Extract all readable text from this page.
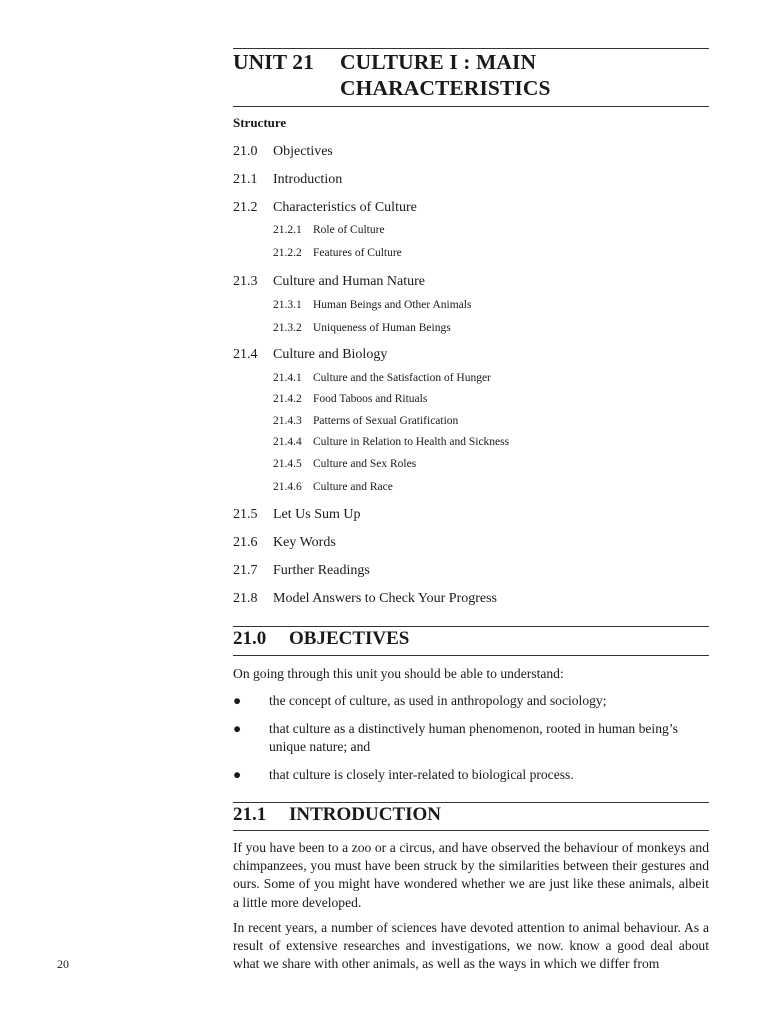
UNIT 21 CULTURE I : MAIN
CHARACTERISTICS
Structure
21.0 Objectives
21.1 Introduction
21.2 Characteristics of Culture
21.2.1 Role of Culture
21.2.2 Features of Culture
21.3 Culture and Human Nature
21.3.1 Human Beings and Other Animals
21.3.2 Uniqueness of Human Beings
21.4 Culture and Biology
21.4.1 Culture and the Satisfaction of Hunger
21.4.2 Food Taboos and Rituals
21.4.3 Patterns of Sexual Gratification
21.4.4 Culture in Relation to Health and Sickness
21.4.5 Culture and Sex Roles
21.4.6 Culture and Race
21.5 Let Us Sum Up
21.6 Key Words
21.7 Further Readings
21.8 Model Answers to Check Your Progress
21.0 OBJECTIVES
On going through this unit you should be able to understand:
● the concept of culture, as used in anthropology and sociology;
● that culture as a distinctively human phenomenon, rooted in human being’s unique nature; and
● that culture is closely inter-related to biological process.
21.1 INTRODUCTION
If you have been to a zoo or a circus, and have observed the behaviour of monkeys and chimpanzees, you must have been struck by the similarities between their gestures and ours. Some of you might have wondered whether we are just like these animals, albeit a little more developed.
In recent years, a number of sciences have devoted attention to animal behaviour. As a result of extensive researches and investigations, we now. know a good deal about what we share with other animals, as well as the ways in which we differ from
20
